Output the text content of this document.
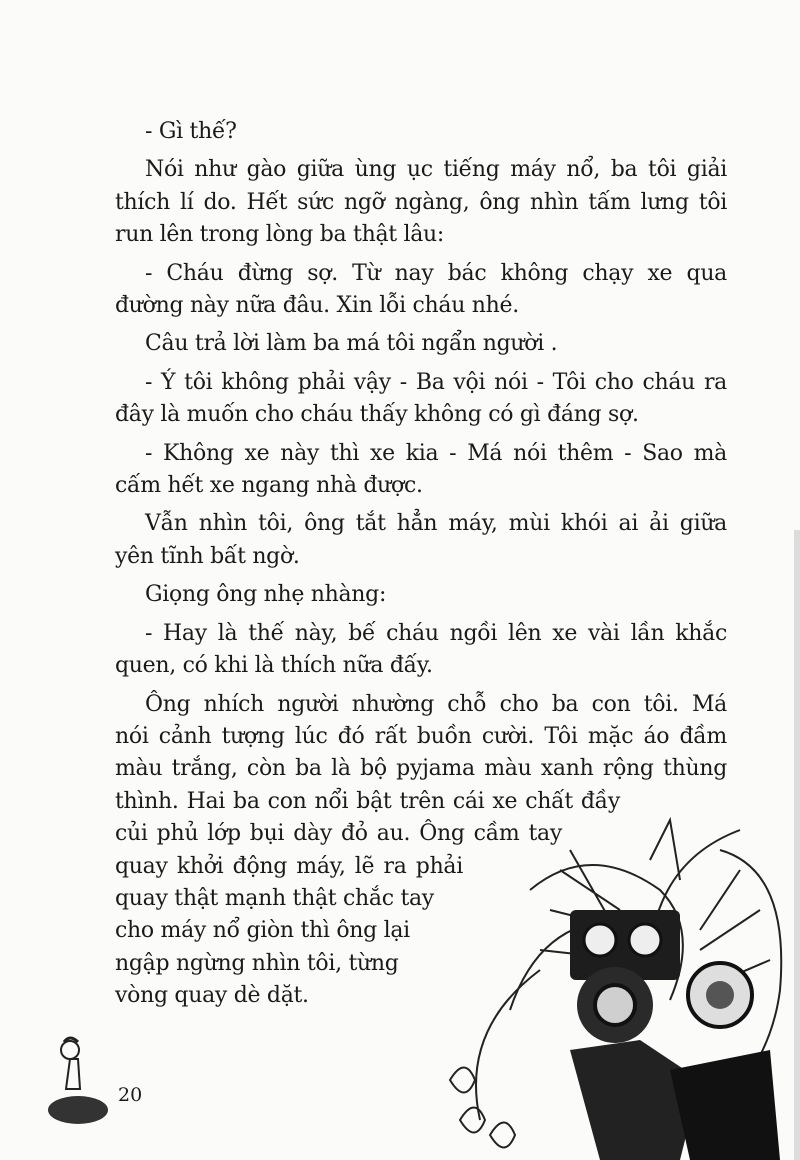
- Gì thế?
Nói như gào giữa ùng ục tiếng máy nổ, ba tôi giải
thích lí do. Hết sức ngỡ ngàng, ông nhìn tấm lưng tôi
run lên trong lòng ba thật lâu:
- Cháu đừng sợ. Từ nay bác không chạy xe qua
đường này nữa đâu. Xin lỗi cháu nhé.
Câu trả lời làm ba má tôi ngẩn người .
- Ý tôi không phải vậy - Ba vội nói - Tôi cho cháu ra
đây là muốn cho cháu thấy không có gì đáng sợ.
- Không xe này thì xe kia - Má nói thêm - Sao mà
cấm hết xe ngang nhà được.
Vẫn nhìn tôi, ông tắt hẳn máy, mùi khói ai ải giữa
yên tĩnh bất ngờ.
Giọng ông nhẹ nhàng:
- Hay là thế này, bế cháu ngồi lên xe vài lần khắc
quen, có khi là thích nữa đấy.
Ông nhích người nhường chỗ cho ba con tôi. Má
nói cảnh tượng lúc đó rất buồn cười. Tôi mặc áo đầm
màu trắng, còn ba là bộ pyjama màu xanh rộng thùng
thình. Hai ba con nổi bật trên cái xe chất đầy
củi phủ lớp bụi dày đỏ au. Ông cầm tay
quay khởi động máy, lẽ ra phải
quay thật mạnh thật chắc tay
cho máy nổ giòn thì ông lại
ngập ngừng nhìn tôi, từng
vòng quay dè dặt.
20
